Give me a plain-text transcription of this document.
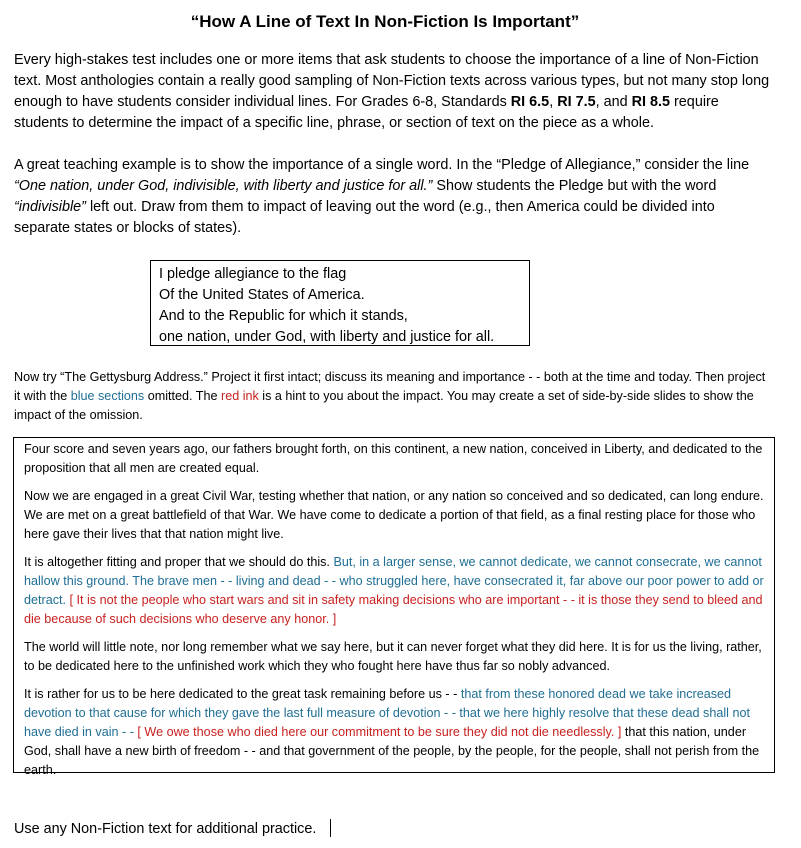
“How A Line of Text In Non-Fiction Is Important”
Every high-stakes test includes one or more items that ask students to choose the importance of a line of Non-Fiction text. Most anthologies contain a really good sampling of Non-Fiction texts across various types, but not many stop long enough to have students consider individual lines. For Grades 6-8, Standards RI 6.5, RI 7.5, and RI 8.5 require students to determine the impact of a specific line, phrase, or section of text on the piece as a whole.
A great teaching example is to show the importance of a single word. In the “Pledge of Allegiance,” consider the line “One nation, under God, indivisible, with liberty and justice for all.” Show students the Pledge but with the word “indivisible” left out. Draw from them to impact of leaving out the word (e.g., then America could be divided into separate states or blocks of states).
I pledge allegiance to the flag
Of the United States of America.
And to the Republic for which it stands,
one nation, under God, with liberty and justice for all.
Now try “The Gettysburg Address.” Project it first intact; discuss its meaning and importance - - both at the time and today. Then project it with the blue sections omitted. The red ink is a hint to you about the impact. You may create a set of side-by-side slides to show the impact of the omission.

Four score and seven years ago, our fathers brought forth, on this continent, a new nation, conceived in Liberty, and dedicated to the proposition that all men are created equal.

Now we are engaged in a great Civil War, testing whether that nation, or any nation so conceived and so dedicated, can long endure. We are met on a great battlefield of that War. We have come to dedicate a portion of that field, as a final resting place for those who here gave their lives that that nation might live.

It is altogether fitting and proper that we should do this. But, in a larger sense, we cannot dedicate, we cannot consecrate, we cannot hallow this ground. The brave men - - living and dead - - who struggled here, have consecrated it, far above our poor power to add or detract. [ It is not the people who start wars and sit in safety making decisions who are important - - it is those they send to bleed and die because of such decisions who deserve any honor. ]

The world will little note, nor long remember what we say here, but it can never forget what they did here. It is for us the living, rather, to be dedicated here to the unfinished work which they who fought here have thus far so nobly advanced.

It is rather for us to be here dedicated to the great task remaining before us - - that from these honored dead we take increased devotion to that cause for which they gave the last full measure of devotion - - that we here highly resolve that these dead shall not have died in vain - - [ We owe those who died here our commitment to be sure they did not die needlessly. ] that this nation, under God, shall have a new birth of freedom - - and that government of the people, by the people, for the people, shall not perish from the earth.

Use any Non-Fiction text for additional practice.
